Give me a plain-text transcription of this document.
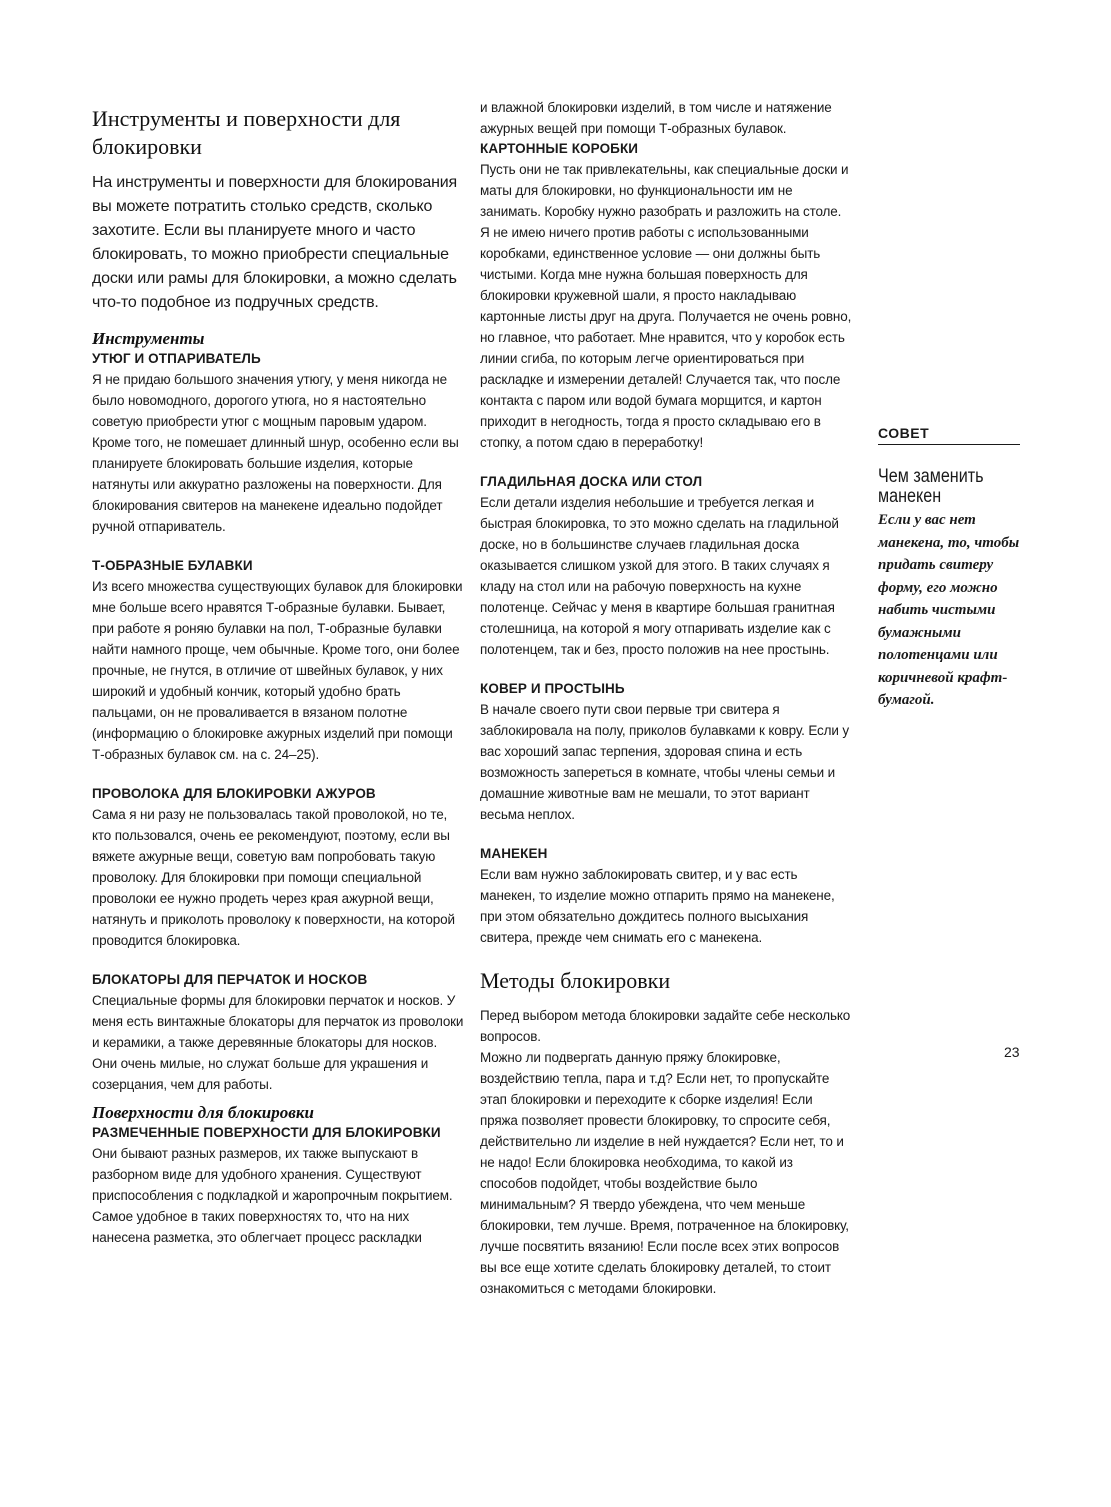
Инструменты и поверхности для блокировки

На инструменты и поверхности для блокирования вы можете потратить столько средств, сколько захотите. Если вы планируете много и часто блокировать, то можно приобрести специальные доски или рамы для блокировки, а можно сделать что-то подобное из подручных средств.

Инструменты
УТЮГ И ОТПАРИВАТЕЛЬ

Я не придаю большого значения утюгу, у меня никогда не было новомодного, дорогого утюга, но я настоятельно советую приобрести утюг с мощным паровым ударом. Кроме того, не помешает длинный шнур, особенно если вы планируете блокировать большие изделия, которые натянуты или аккуратно разложены на поверхности. Для блокирования свитеров на манекене идеально подойдет ручной отпариватель.

Т-ОБРАЗНЫЕ БУЛАВКИ

Из всего множества существующих булавок для блокировки мне больше всего нравятся Т-образные булавки. Бывает, при работе я роняю булавки на пол, Т-образные булавки найти намного проще, чем обычные. Кроме того, они более прочные, не гнутся, в отличие от швейных булавок, у них широкий и удобный кончик, который удобно брать пальцами, он не проваливается в вязаном полотне (информацию о блокировке ажурных изделий при помощи Т-образных булавок см. на с. 24–25).

ПРОВОЛОКА ДЛЯ БЛОКИРОВКИ АЖУРОВ

Сама я ни разу не пользовалась такой проволокой, но те, кто пользовался, очень ее рекомендуют, поэтому, если вы вяжете ажурные вещи, советую вам попробовать такую проволоку. Для блокировки при помощи специальной проволоки ее нужно продеть через края ажурной вещи, натянуть и приколоть проволоку к поверхности, на которой проводится блокировка.

БЛОКАТОРЫ ДЛЯ ПЕРЧАТОК И НОСКОВ

Специальные формы для блокировки перчаток и носков. У меня есть винтажные блокаторы для перчаток из проволоки и керамики, а также деревянные блокаторы для носков. Они очень милые, но служат больше для украшения и созерцания, чем для работы.

Поверхности для блокировки
РАЗМЕЧЕННЫЕ ПОВЕРХНОСТИ ДЛЯ БЛОКИРОВКИ

Они бывают разных размеров, их также выпускают в разборном виде для удобного хранения. Существуют приспособления с подкладкой и жаропрочным покрытием. Самое удобное в таких поверхностях то, что на них нанесена разметка, это облегчает процесс раскладки

и влажной блокировки изделий, в том числе и натяжение ажурных вещей при помощи Т-образных булавок.

КАРТОННЫЕ КОРОБКИ

Пусть они не так привлекательны, как специальные доски и маты для блокировки, но функциональности им не занимать. Коробку нужно разобрать и разложить на столе. Я не имею ничего против работы с использованными коробками, единственное условие — они должны быть чистыми. Когда мне нужна большая поверхность для блокировки кружевной шали, я просто накладываю картонные листы друг на друга. Получается не очень ровно, но главное, что работает. Мне нравится, что у коробок есть линии сгиба, по которым легче ориентироваться при раскладке и измерении деталей! Случается так, что после контакта с паром или водой бумага морщится, и картон приходит в негодность, тогда я просто складываю его в стопку, а потом сдаю в переработку!

ГЛАДИЛЬНАЯ ДОСКА ИЛИ СТОЛ

Если детали изделия небольшие и требуется легкая и быстрая блокировка, то это можно сделать на гладильной доске, но в большинстве случаев гладильная доска оказывается слишком узкой для этого. В таких случаях я кладу на стол или на рабочую поверхность на кухне полотенце. Сейчас у меня в квартире большая гранитная столешница, на которой я могу отпаривать изделие как с полотенцем, так и без, просто положив на нее простынь.

КОВЕР И ПРОСТЫНЬ

В начале своего пути свои первые три свитера я заблокировала на полу, приколов булавками к ковру. Если у вас хороший запас терпения, здоровая спина и есть возможность запереться в комнате, чтобы члены семьи и домашние животные вам не мешали, то этот вариант весьма неплох.

МАНЕКЕН

Если вам нужно заблокировать свитер, и у вас есть манекен, то изделие можно отпарить прямо на манекене, при этом обязательно дождитесь полного высыхания свитера, прежде чем снимать его с манекена.

Методы блокировки

Перед выбором метода блокировки задайте себе несколько вопросов.

Можно ли подвергать данную пряжу блокировке, воздействию тепла, пара и т.д? Если нет, то пропускайте этап блокировки и переходите к сборке изделия! Если пряжа позволяет провести блокировку, то спросите себя, действительно ли изделие в ней нуждается? Если нет, то и не надо! Если блокировка необходима, то какой из способов подойдет, чтобы воздействие было минимальным? Я твердо убеждена, что чем меньше блокировки, тем лучше. Время, потраченное на блокировку, лучше посвятить вязанию! Если после всех этих вопросов вы все еще хотите сделать блокировку деталей, то стоит ознакомиться с методами блокировки.

СОВЕТ
Чем заменить
манекен

Если у вас нет манекена, то, чтобы придать свитеру форму, его можно набить чистыми бумажными полотенцами или коричневой крафт-бумагой.

23
